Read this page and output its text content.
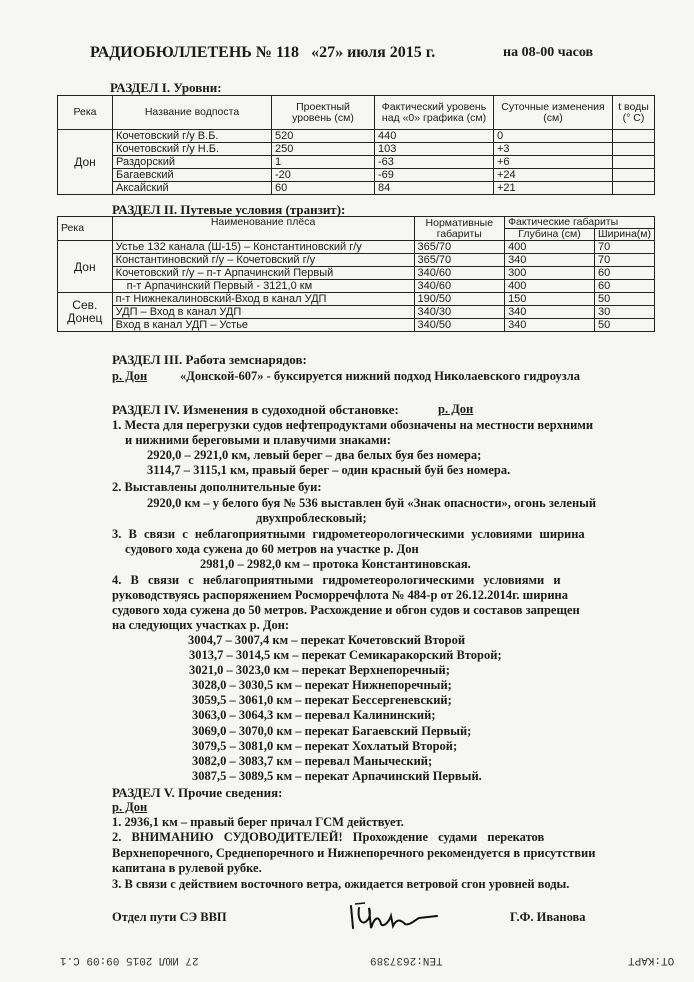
РАДИОБЮЛЛЕТЕНЬ № 118 «27» июля 2015 г.	на 08-00 часов
РАЗДЕЛ I. Уровни:
Река	Название водпоста	Проектный уровень (см)	Фактический уровень над «0» графика (см)	Суточные изменения (см)	t воды (° С)
Дон	Кочетовский г/у В.Б.	520	440	0	
	Кочетовский г/у Н.Б.	250	103	+3	
	Раздорский	1	-63	+6	
	Багаевский	-20	-69	+24	
	Аксайский	60	84	+21	
РАЗДЕЛ II. Путевые условия (транзит):
Река	Наименование плёса	Нормативные габариты	Фактические габариты	
			Глубина (см)	Ширина(м)
Дон	Устье 132 канала (Ш-15) – Константиновский г/у	365/70	400	70
	Константиновский г/у – Кочетовский г/у	365/70	340	70
	Кочетовский г/у – п-т Арпачинский Первый	340/60	300	60
	п-т Арпачинский Первый - 3121,0 км	340/60	400	60
Сев. Донец	п-т Нижнекалиновский-Вход в канал УДП	190/50	150	50
	УДП – Вход в канал УДП	340/30	340	30
	Вход в канал УДП – Устье	340/50	340	50
РАЗДЕЛ III. Работа земснарядов:
р. Дон	«Донской-607» - буксируется нижний подход Николаевского гидроузла
РАЗДЕЛ IV. Изменения в судоходной обстановке:	р. Дон
1. Места для перегрузки судов нефтепродуктами обозначены на местности верхними
и нижними береговыми и плавучими знаками:
2920,0 – 2921,0 км, левый берег – два белых буя без номера;
3114,7 – 3115,1 км, правый берег – один красный буй без номера.
2. Выставлены дополнительные буи:
2920,0 км – у белого буя № 536 выставлен буй «Знак опасности», огонь зеленый
двухпроблесковый;
3. В связи с неблагоприятными гидрометеорологическими условиями ширина
судового хода сужена до 60 метров на участке р. Дон
2981,0 – 2982,0 км – протока Константиновская.
4. В связи с неблагоприятными гидрометеорологическими условиями и
руководствуясь распоряжением Росморречфлота № 484-р от 26.12.2014г. ширина
судового хода сужена до 50 метров. Расхождение и обгон судов и составов запрещен
на следующих участках р. Дон:
3004,7 – 3007,4 км – перекат Кочетовский Второй
3013,7 – 3014,5 км – перекат Семикаракорский Второй;
3021,0 – 3023,0 км – перекат Верхнепоречный;
3028,0 – 3030,5 км – перекат Нижнепоречный;
3059,5 – 3061,0 км – перекат Бессергеневский;
3063,0 – 3064,3 км – перевал Калининский;
3069,0 – 3070,0 км – перекат Багаевский Первый;
3079,5 – 3081,0 км – перекат Хохлатый Второй;
3082,0 – 3083,7 км – перевал Маныческий;
3087,5 – 3089,5 км – перекат Арпачинский Первый.
РАЗДЕЛ V. Прочие сведения:
р. Дон
1. 2936,1 км – правый берег причал ГСМ действует.
2. ВНИМАНИЮ СУДОВОДИТЕЛЕЙ! Прохождение судами перекатов
Верхнепоречного, Среднепоречного и Нижнепоречного рекомендуется в присутствии
капитана в рулевой рубке.
3. В связи с действием восточного ветра, ожидается ветровой сгон уровней воды.
Отдел пути СЭ ВВП	Г.Ф. Иванова
27 ИЮЛ 2015 09:09 C.1	TEN:2637389	OT:KAPT
